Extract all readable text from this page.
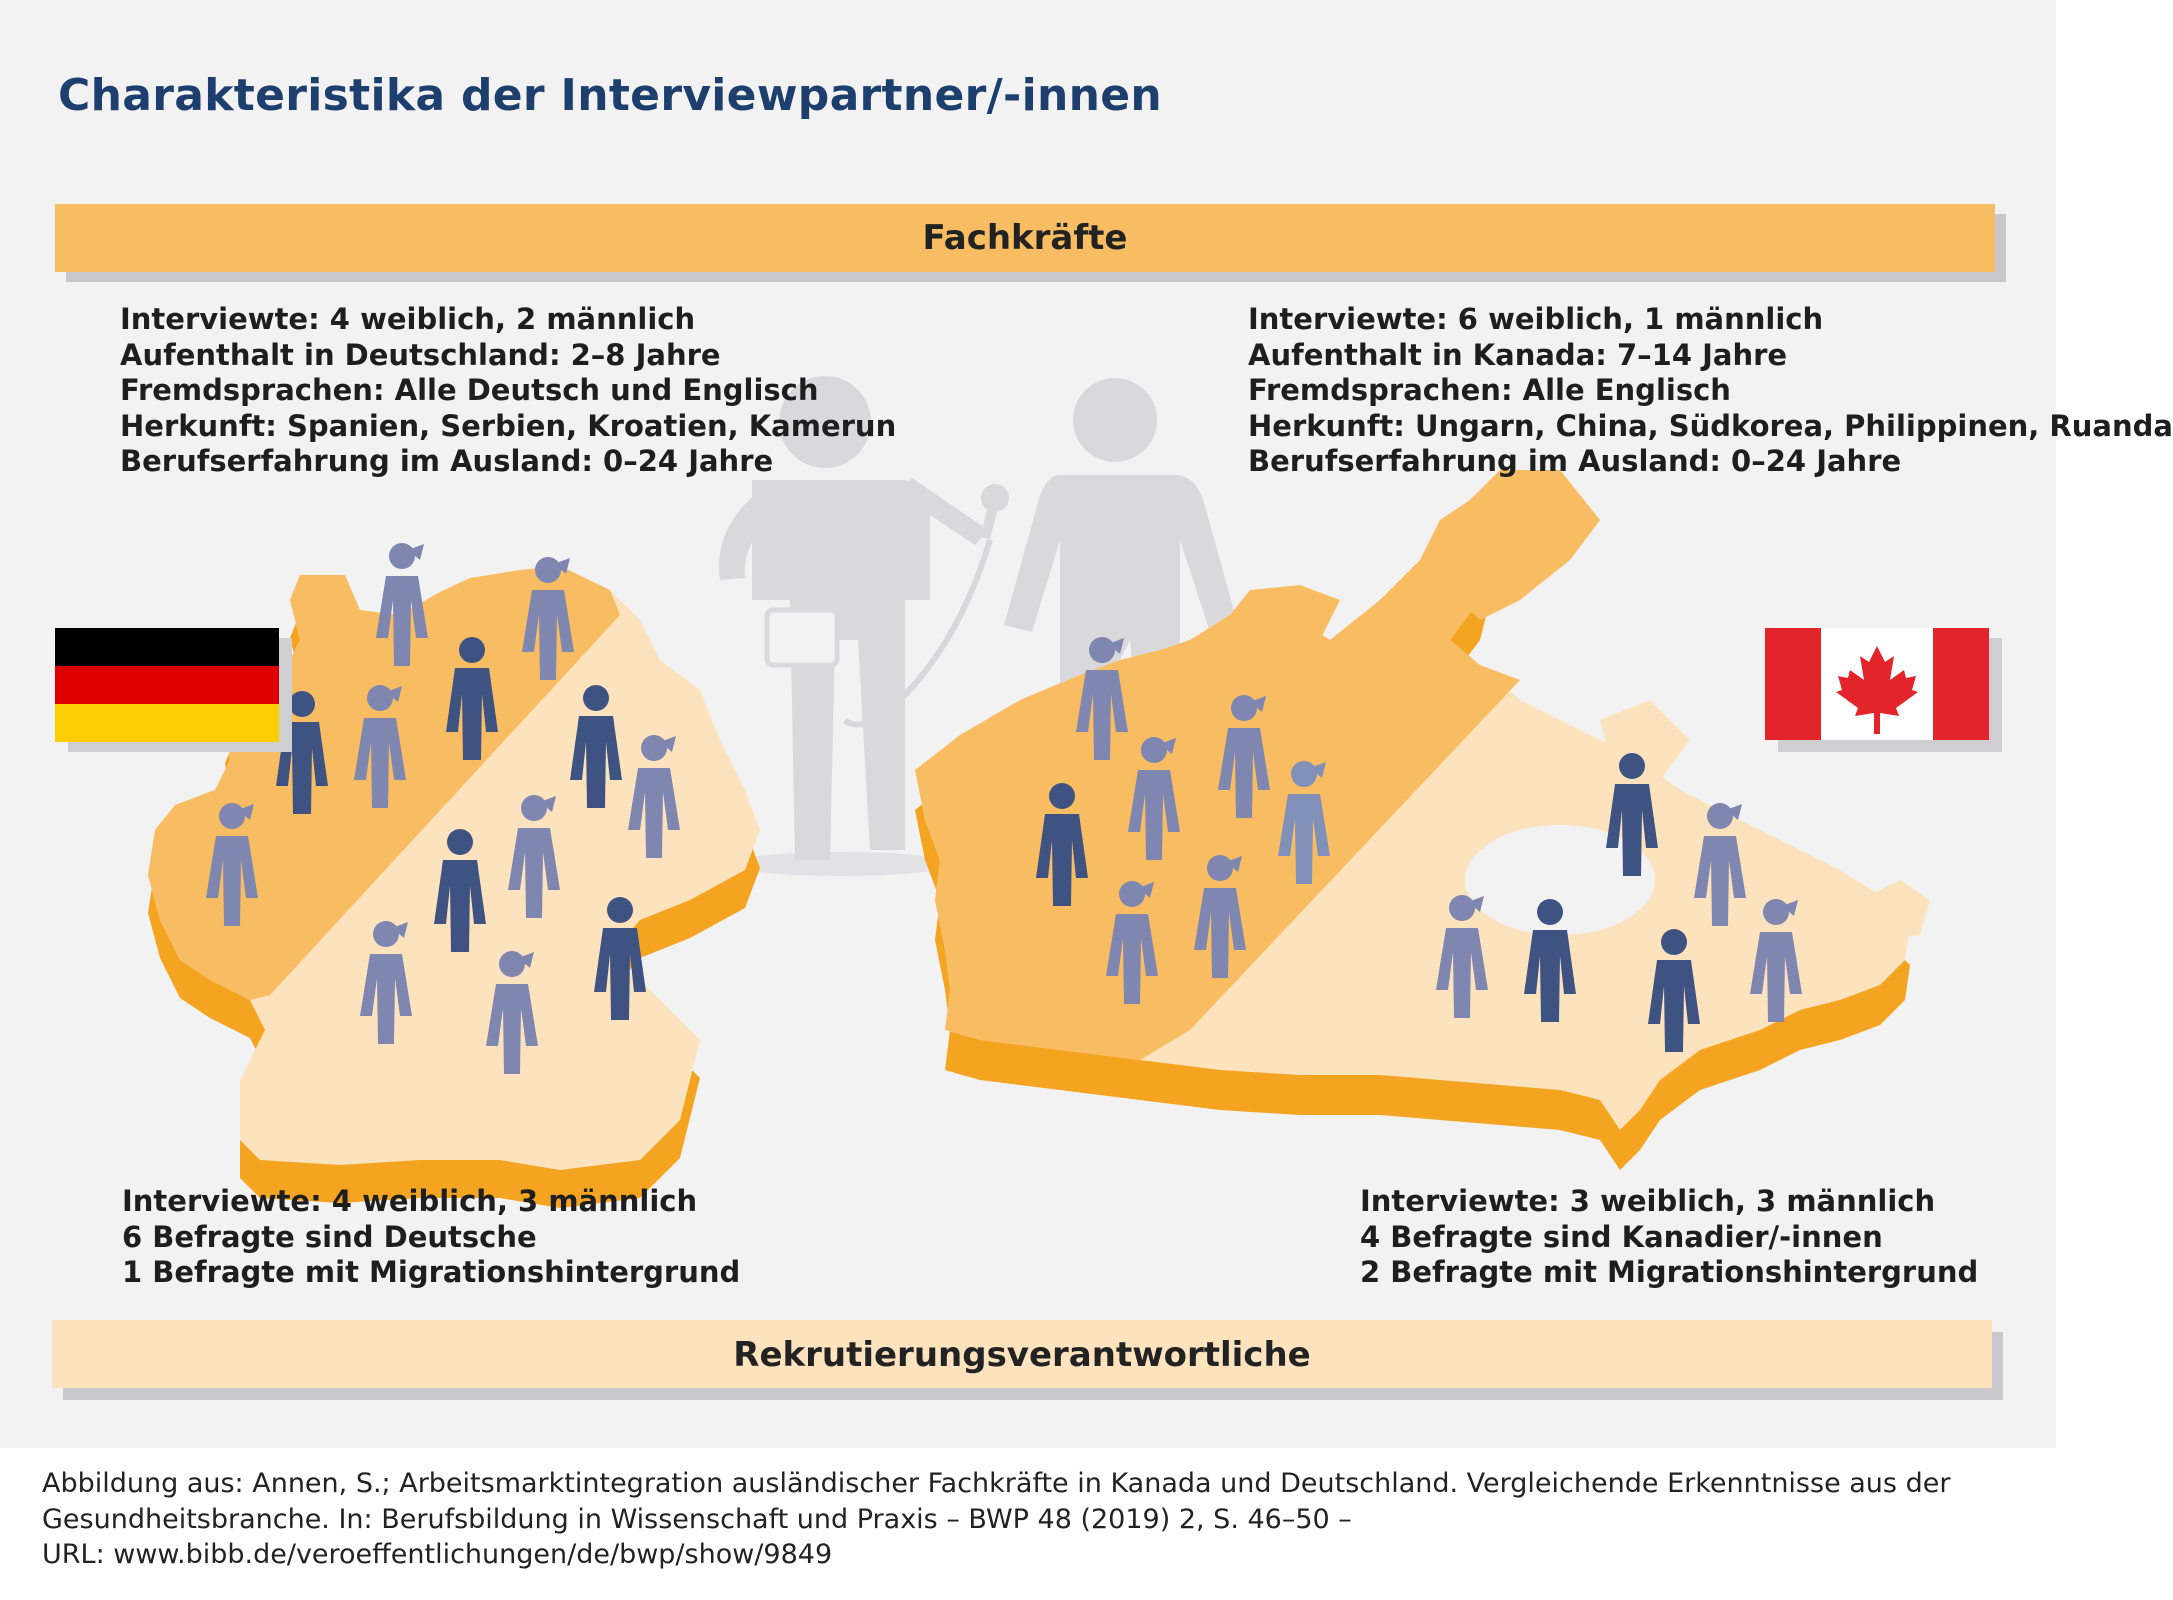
Charakteristika der Interviewpartner/-innen
Fachkräfte
Interviewte: 4 weiblich, 2 männlich
Aufenthalt in Deutschland: 2–8 Jahre
Fremdsprachen: Alle Deutsch und Englisch
Herkunft: Spanien, Serbien, Kroatien, Kamerun
Berufserfahrung im Ausland: 0–24 Jahre
Interviewte: 6 weiblich, 1 männlich
Aufenthalt in Kanada: 7–14 Jahre
Fremdsprachen: Alle Englisch
Herkunft: Ungarn, China, Südkorea, Philippinen, Ruanda
Berufserfahrung im Ausland: 0–24 Jahre
Interviewte: 4 weiblich, 3 männlich
6 Befragte sind Deutsche
1 Befragte mit Migrationshintergrund
Interviewte: 3 weiblich, 3 männlich
4 Befragte sind Kanadier/-innen
2 Befragte mit Migrationshintergrund
Rekrutierungsverantwortliche
Abbildung aus: Annen, S.; Arbeitsmarktintegration ausländischer Fachkräfte in Kanada und Deutschland. Vergleichende Erkenntnisse aus der
Gesundheitsbranche. In: Berufsbildung in Wissenschaft und Praxis – BWP 48 (2019) 2, S. 46–50 –
URL: www.bibb.de/veroeffentlichungen/de/bwp/show/9849
